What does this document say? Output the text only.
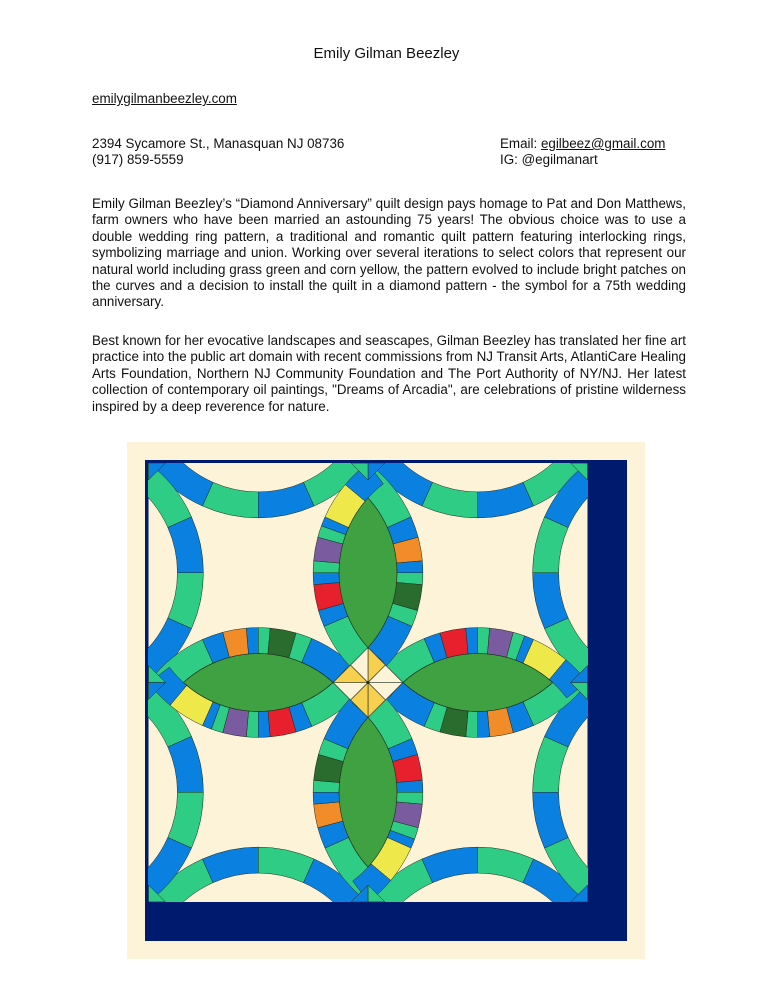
Emily Gilman Beezley
emilygilmanbeezley.com
2394 Sycamore St., Manasquan NJ 08736
(917) 859-5559
Email: egilbeez@gmail.com
IG: @egilmanart

Emily Gilman Beezley’s “Diamond Anniversary” quilt design pays homage to Pat and Don Matthews, farm owners who have been married an astounding 75 years! The obvious choice was to use a double wedding ring pattern, a traditional and romantic quilt pattern featuring interlocking rings, symbolizing marriage and union. Working over several iterations to select colors that represent our natural world including grass green and corn yellow, the pattern evolved to include bright patches on the curves and a decision to install the quilt in a diamond pattern - the symbol for a 75th wedding anniversary.

Best known for her evocative landscapes and seascapes, Gilman Beezley has translated her fine art practice into the public art domain with recent commissions from NJ Transit Arts, AtlantiCare Healing Arts Foundation, Northern NJ Community Foundation and The Port Authority of NY/NJ. Her latest collection of contemporary oil paintings, "Dreams of Arcadia", are celebrations of pristine wilderness inspired by a deep reverence for nature.
